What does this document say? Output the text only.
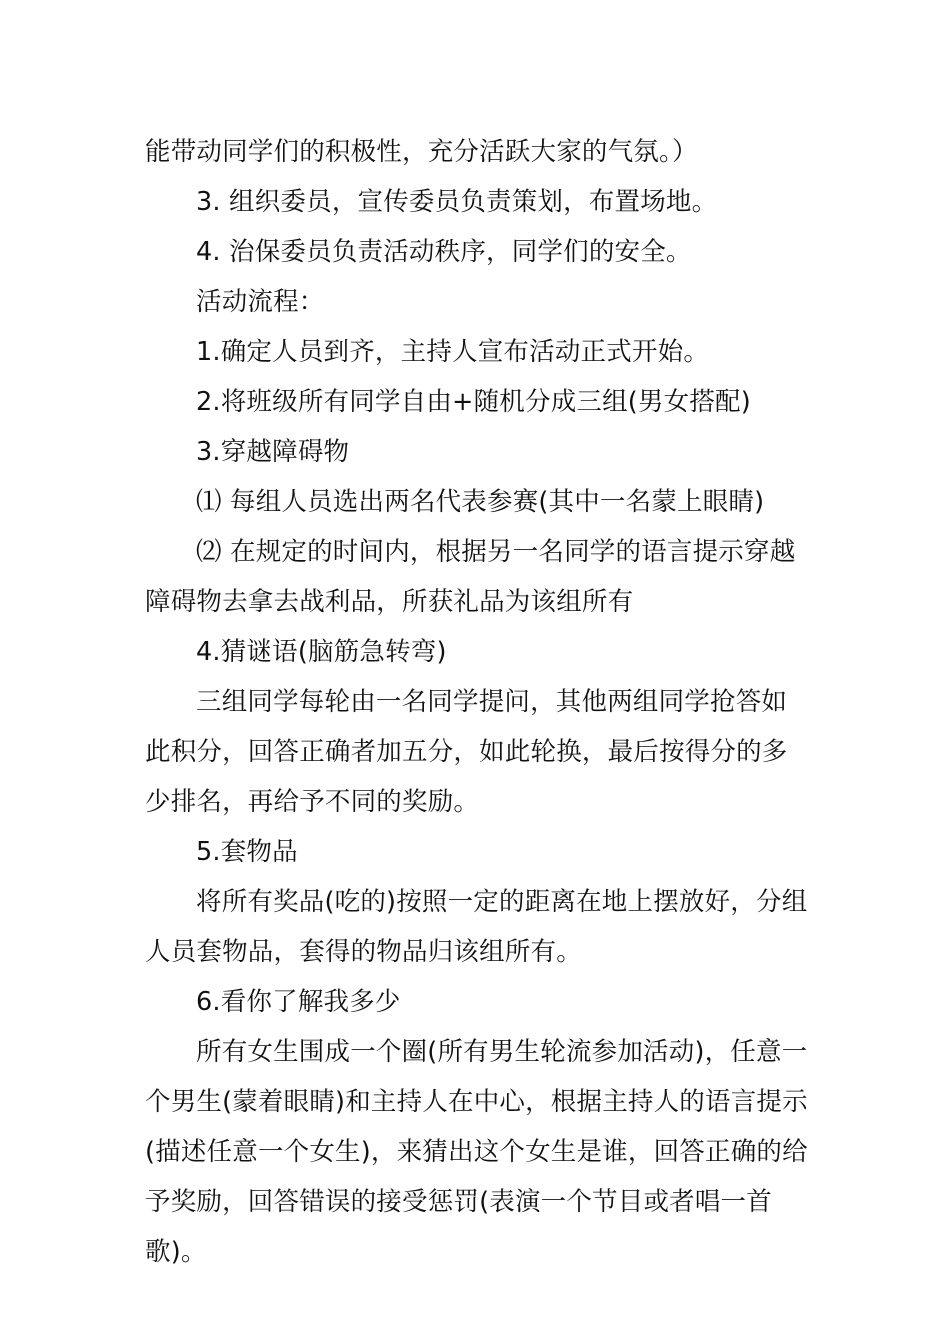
能带动同学们的积极性，充分活跃大家的气氛。）

3. 组织委员，宣传委员负责策划，布置场地。

4. 治保委员负责活动秩序，同学们的安全。

活动流程：

1.确定人员到齐，主持人宣布活动正式开始。

2.将班级所有同学自由+随机分成三组(男女搭配)

3.穿越障碍物

⑴ 每组人员选出两名代表参赛(其中一名蒙上眼睛)

⑵ 在规定的时间内，根据另一名同学的语言提示穿越障碍物去拿去战利品，所获礼品为该组所有

4.猜谜语(脑筋急转弯)

三组同学每轮由一名同学提问，其他两组同学抢答如此积分，回答正确者加五分，如此轮换，最后按得分的多少排名，再给予不同的奖励。

5.套物品

将所有奖品(吃的)按照一定的距离在地上摆放好，分组人员套物品，套得的物品归该组所有。

6.看你了解我多少

所有女生围成一个圈(所有男生轮流参加活动)，任意一个男生(蒙着眼睛)和主持人在中心，根据主持人的语言提示(描述任意一个女生)，来猜出这个女生是谁，回答正确的给予奖励，回答错误的接受惩罚(表演一个节目或者唱一首歌)。
